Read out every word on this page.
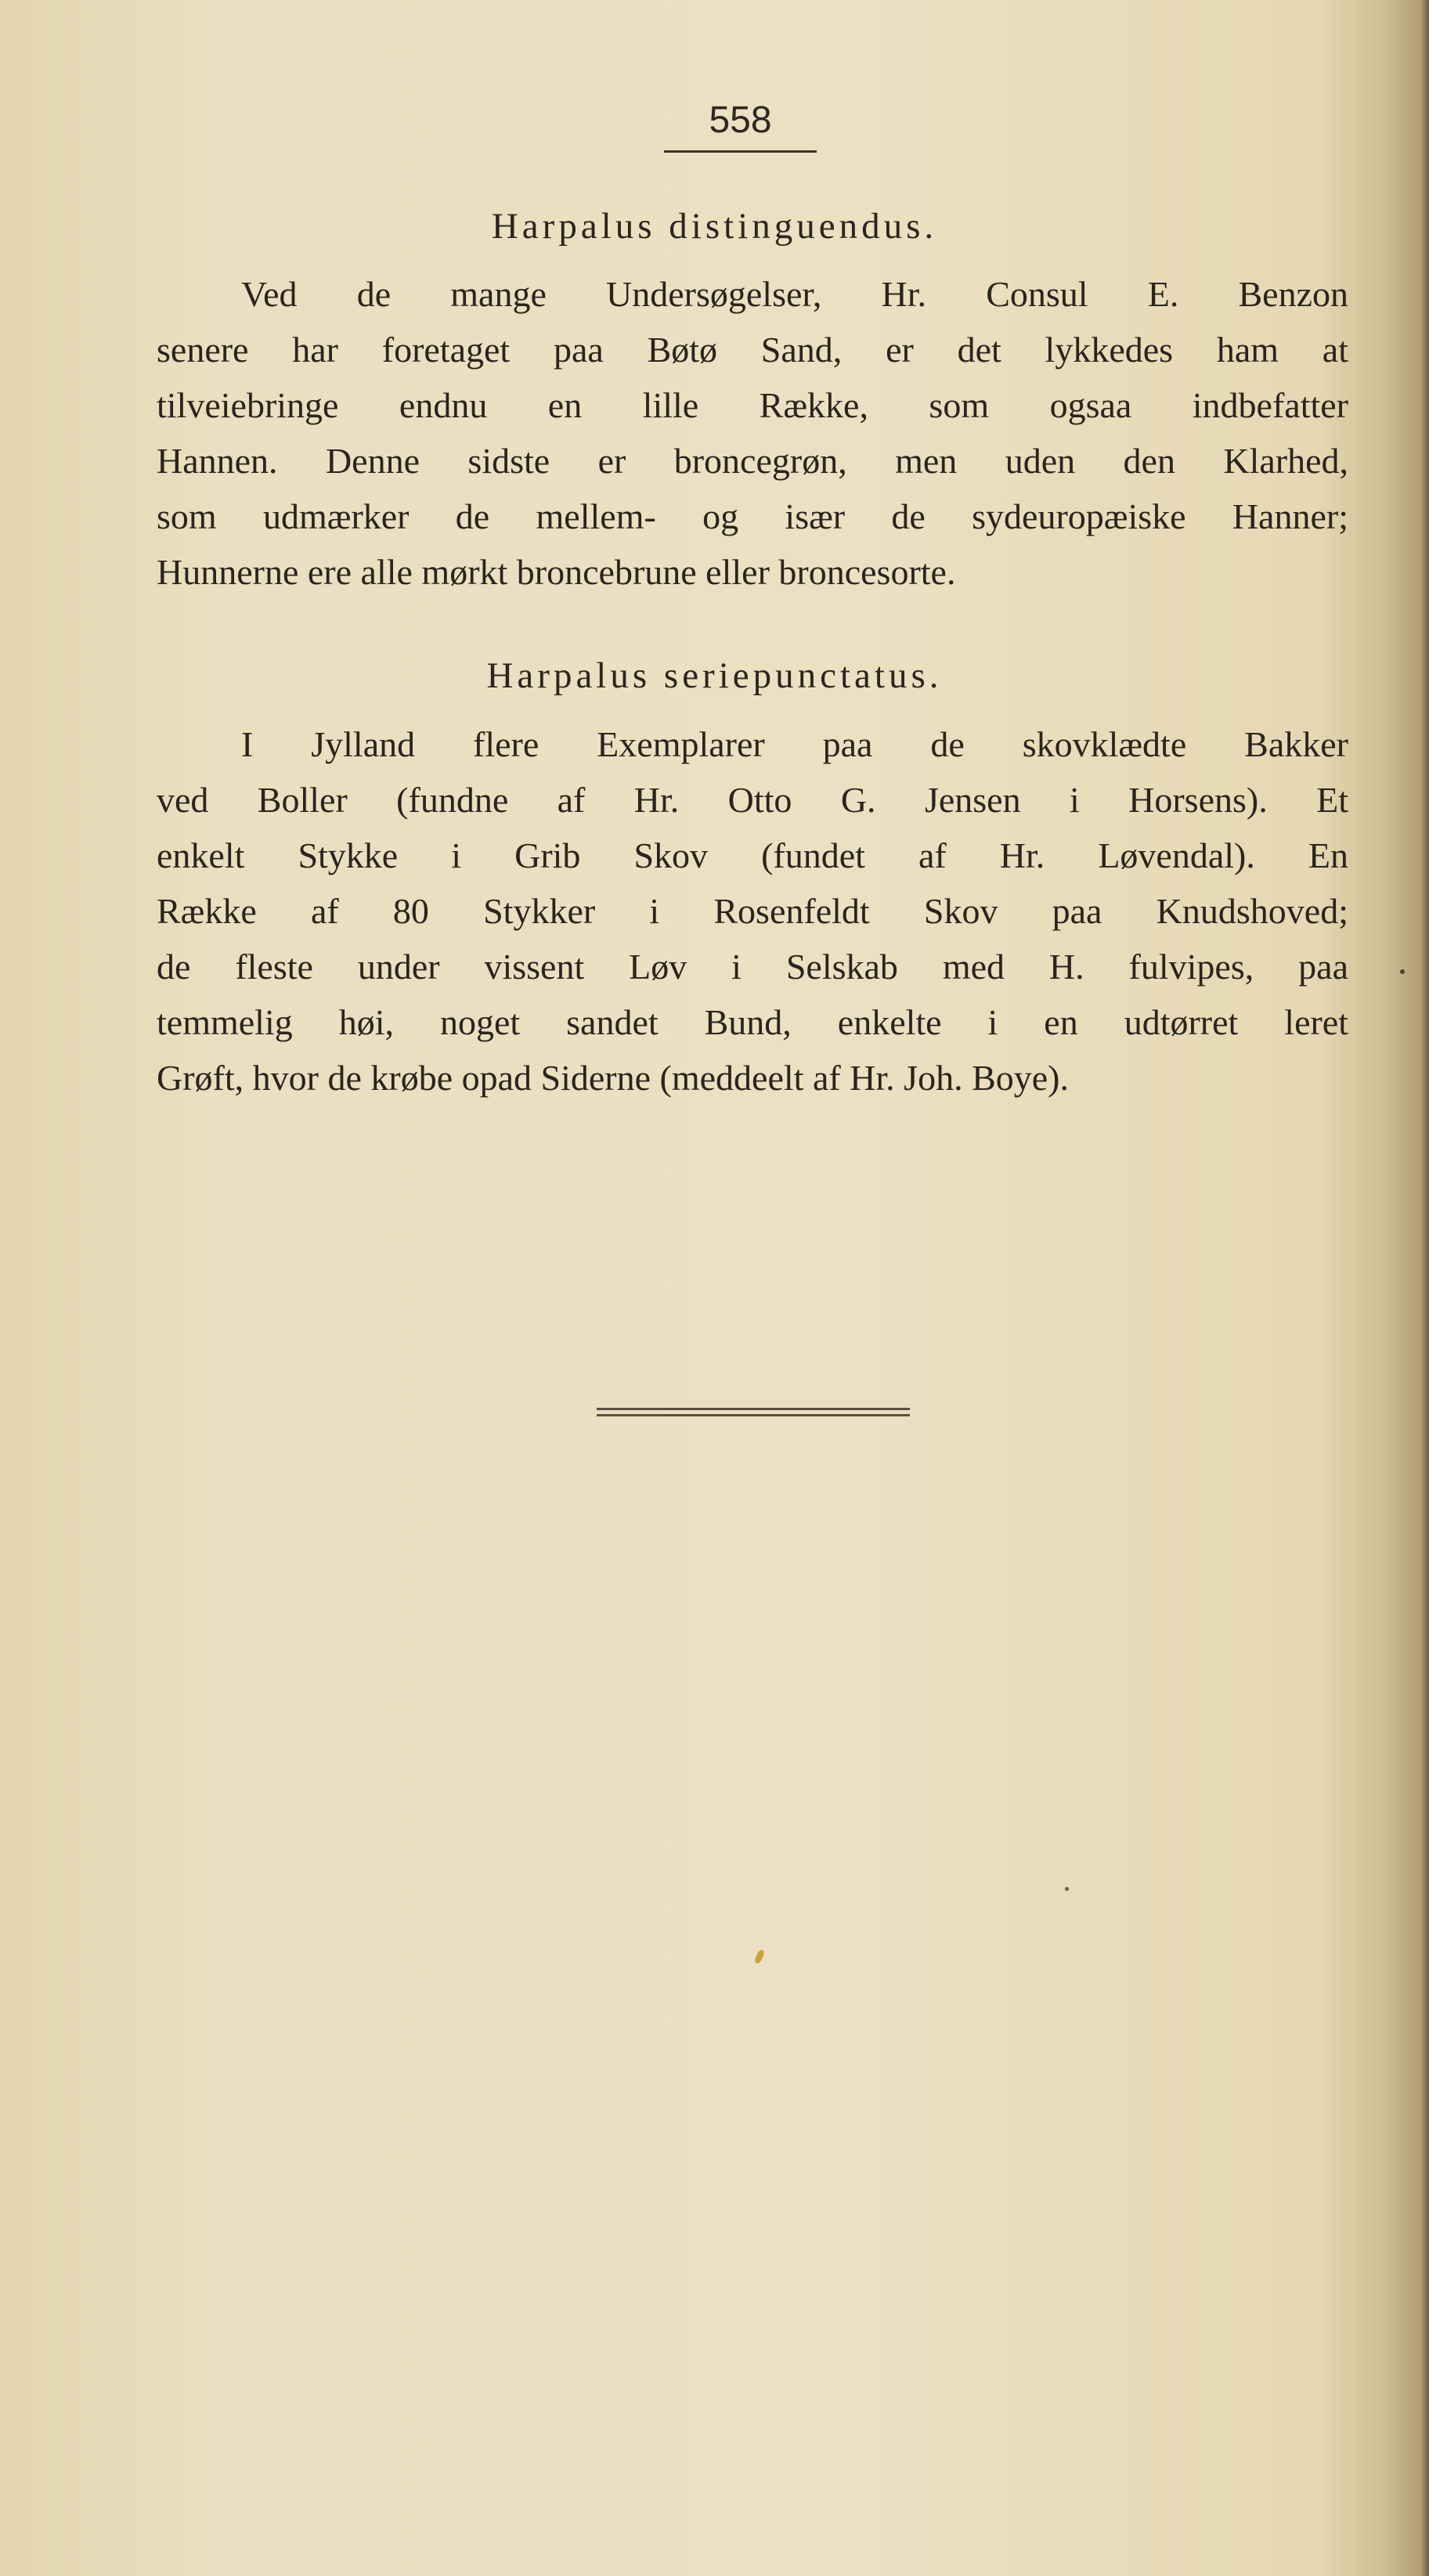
558
Harpalus distinguendus.
Ved de mange Undersøgelser, Hr. Consul E. Benzon
senere har foretaget paa Bøtø Sand, er det lykkedes ham at
tilveiebringe endnu en lille Række, som ogsaa indbefatter
Hannen. Denne sidste er broncegrøn, men uden den Klarhed,
som udmærker de mellem- og især de sydeuropæiske Hanner;
Hunnerne ere alle mørkt broncebrune eller broncesorte.
Harpalus seriepunctatus.
I Jylland flere Exemplarer paa de skovklædte Bakker
ved Boller (fundne af Hr. Otto G. Jensen i Horsens). Et
enkelt Stykke i Grib Skov (fundet af Hr. Løvendal). En
Række af 80 Stykker i Rosenfeldt Skov paa Knudshoved;
de fleste under vissent Løv i Selskab med H. fulvipes, paa
temmelig høi, noget sandet Bund, enkelte i en udtørret leret
Grøft, hvor de krøbe opad Siderne (meddeelt af Hr. Joh. Boye).
